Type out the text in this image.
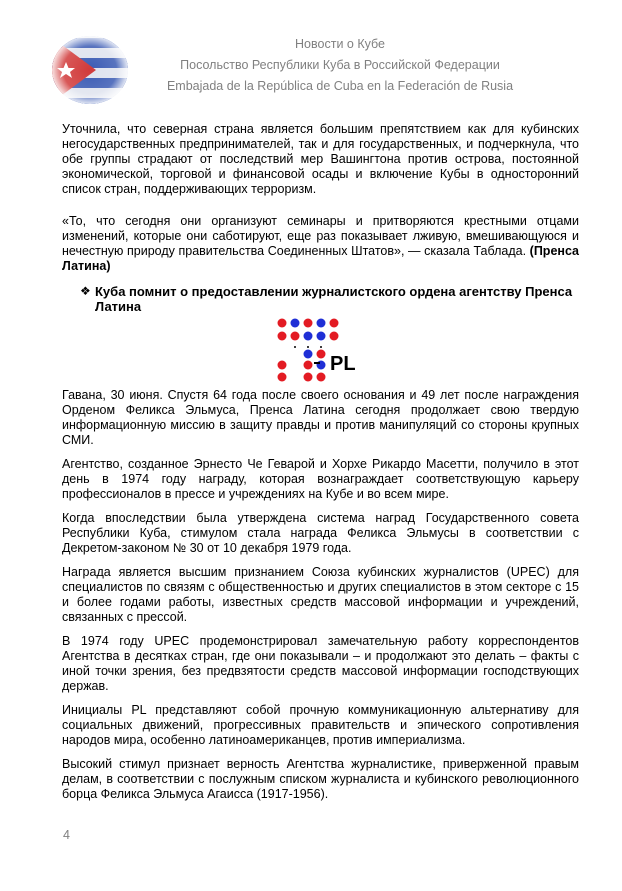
Новости о Кубе
Посольство Республики Куба в Российской Федерации
Embajada de la República de Cuba en la Federación de Rusia

Уточнила, что северная страна является большим препятствием как для кубинских негосударственных предпринимателей, так и для государственных, и подчеркнула, что обе группы страдают от последствий мер Вашингтона против острова, постоянной экономической, торговой и финансовой осады и включение Кубы в односторонний список стран, поддерживающих терроризм.

«То, что сегодня они организуют семинары и притворяются крестными отцами изменений, которые они саботируют, еще раз показывает лживую, вмешивающуюся и нечестную природу правительства Соединенных Штатов», — сказала Таблада. (Пренса Латина)

❖ Куба помнит о предоставлении журналистского ордена агентству Пренса Латина
PL

Гавана, 30 июня. Спустя 64 года после своего основания и 49 лет после награждения Орденом Феликса Эльмуса, Пренса Латина сегодня продолжает свою твердую информационную миссию в защиту правды и против манипуляций со стороны крупных СМИ.

Агентство, созданное Эрнесто Че Геварой и Хорхе Рикардо Масетти, получило в этот день в 1974 году награду, которая вознаграждает соответствующую карьеру профессионалов в прессе и учреждениях на Кубе и во всем мире.

Когда впоследствии была утверждена система наград Государственного совета Республики Куба, стимулом стала награда Феликса Эльмусы в соответствии с Декретом-законом № 30 от 10 декабря 1979 года.

Награда является высшим признанием Союза кубинских журналистов (UPEC) для специалистов по связям с общественностью и других специалистов в этом секторе с 15 и более годами работы, известных средств массовой информации и учреждений, связанных с прессой.

В 1974 году UPEC продемонстрировал замечательную работу корреспондентов Агентства в десятках стран, где они показывали – и продолжают это делать – факты с иной точки зрения, без предвзятости средств массовой информации господствующих держав.

Инициалы PL представляют собой прочную коммуникационную альтернативу для социальных движений, прогрессивных правительств и эпического сопротивления народов мира, особенно латиноамериканцев, против империализма.

Высокий стимул признает верность Агентства журналистике, приверженной правым делам, в соответствии с послужным списком журналиста и кубинского революционного борца Феликса Эльмуса Агаисса (1917-1956).

4
